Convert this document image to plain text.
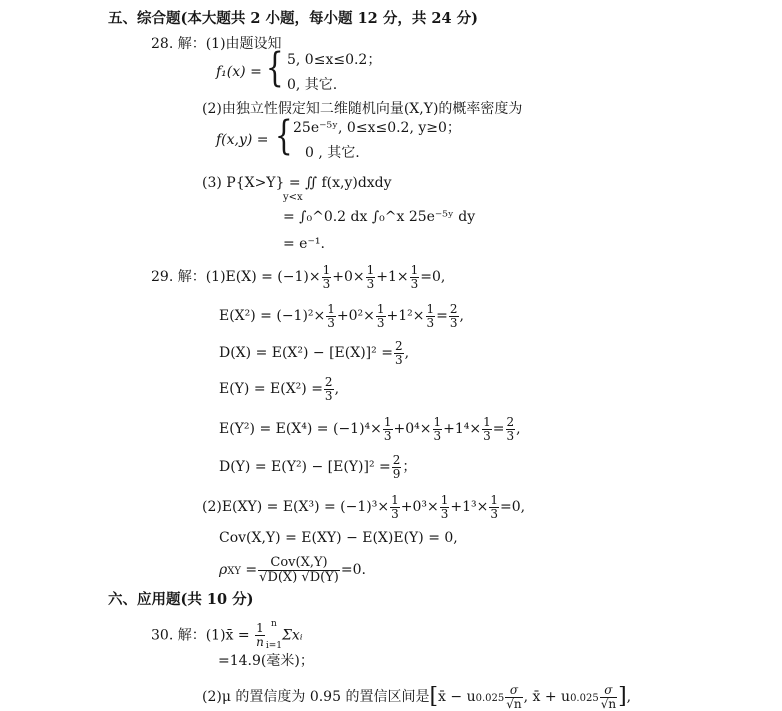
五、综合题(本大题共 2 小题，每小题 12 分，共 24 分)
28. 解：(1)由题设知
f₁(x) = { 5, 0≤x≤0.2；
0, 其它.
(2)由独立性假定知二维随机向量(X,Y)的概率密度为
f(x,y) = { 25e⁻⁵ʸ, 0≤x≤0.2, y≥0；
0 , 其它.
(3) P{X>Y} = ∬ f(x,y)dxdy
y<x
= ∫₀^0.2 dx ∫₀^x 25e⁻⁵ʸ dy
= e⁻¹.
29. 解：$(1)E(X) = (-1)\times \frac{1}{3} +0\times \frac{1}{3} +1\times \frac{1}{3} =0$,
$E(X^2) = (-1)^2\times \frac{1}{3} +0^2\times \frac{1}{3} +1^2\times \frac{1}{3} = \frac{2}{3}$ ,
$D(X) = E(X^2) - [E(X)]^2 = \frac{2}{3}$ ,
$E(Y) = E(X^2) = \frac{2}{3}$ ,
$E(Y^2) = E(X^4) = (-1)^4\times \frac{1}{3} +0^4\times \frac{1}{3} +1^4\times \frac{1}{3} = \frac{2}{3}$ ,
$D(Y) = E(Y^2) - [E(Y)]^2 = \frac{2}{9}$ ；
$(2)E(XY) = E(X^3) = (-1)^3\times \frac{1}{3} +0^3\times \frac{1}{3} +1^3\times \frac{1}{3} =0$,
Cov(X,Y) = E(XY) − E(X)E(Y) = 0,
$\rho XY = \frac{\text{Cov(X,Y)}}{√D(X) √D(Y)} =0$.
六、应用题(共 10 分)
30. 解：(1)x̄ = $\frac{1}{n}$ n

i=1
Σxᵢ
=14.9(毫米)；
(2)μ 的置信度为 0.95 的置信区间是[x̄ − $u0.025 \frac{\sigma}{√n}$ , x̄ + $u0.025 \frac{\sigma}{√n}$ ],
